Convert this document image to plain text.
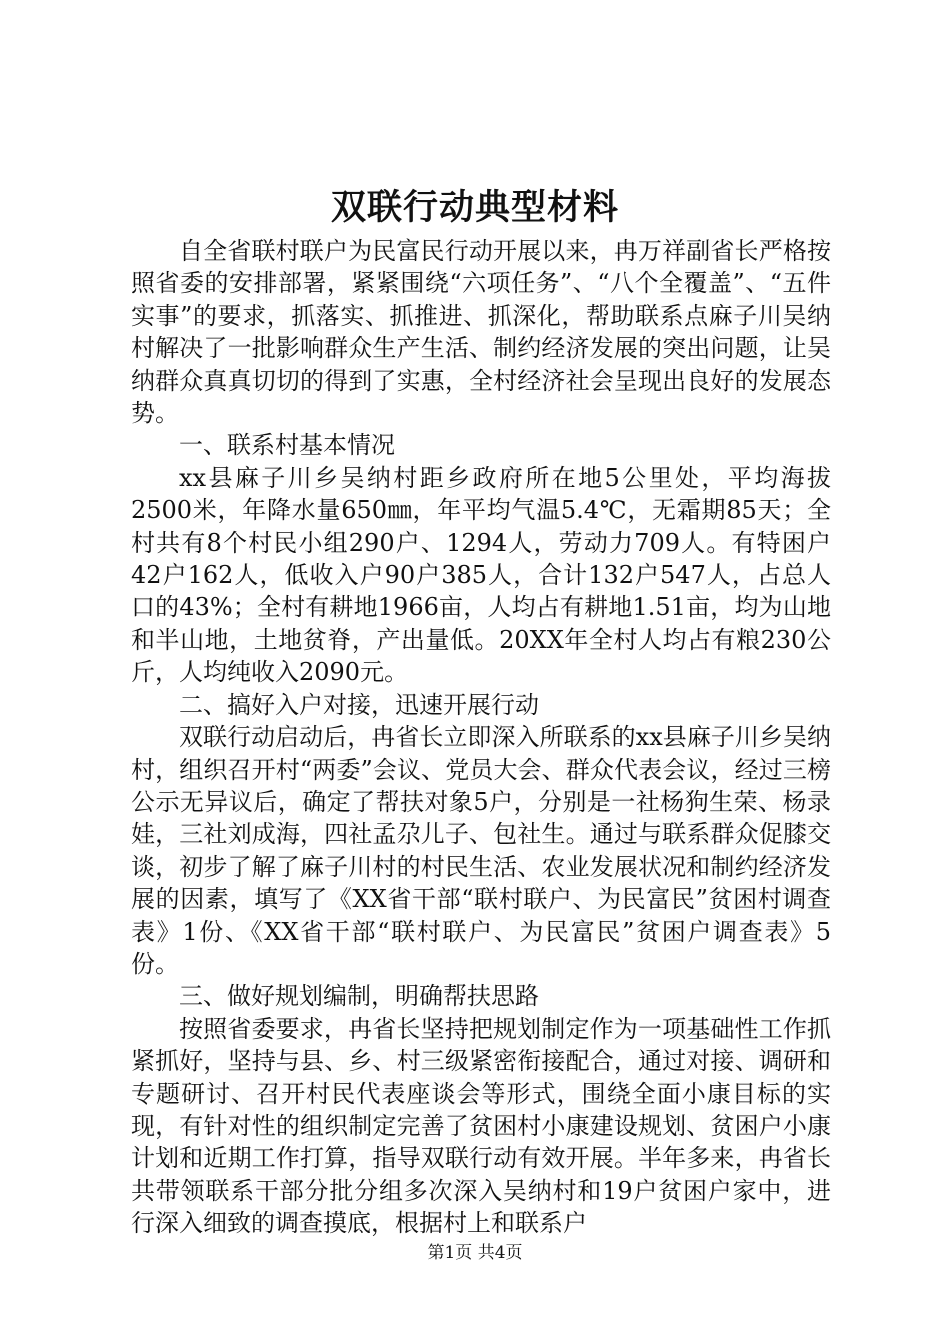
双联行动典型材料

自全省联村联户为民富民行动开展以来，冉万祥副省长严格按照省委的安排部署，紧紧围绕“六项任务”、“八个全覆盖”、“五件实事”的要求，抓落实、抓推进、抓深化，帮助联系点麻子川吴纳村解决了一批影响群众生产生活、制约经济发展的突出问题，让吴纳群众真真切切的得到了实惠，全村经济社会呈现出良好的发展态势。

一、联系村基本情况

xx县麻子川乡吴纳村距乡政府所在地5公里处，平均海拔2500米，年降水量650㎜，年平均气温5.4℃，无霜期85天；全村共有8个村民小组290户、1294人，劳动力709人。有特困户42户162人，低收入户90户385人，合计132户547人，占总人口的43%；全村有耕地1966亩，人均占有耕地1.51亩，均为山地和半山地，土地贫脊，产出量低。20XX年全村人均占有粮230公斤，人均纯收入2090元。

二、搞好入户对接，迅速开展行动

双联行动启动后，冉省长立即深入所联系的xx县麻子川乡吴纳村，组织召开村“两委”会议、党员大会、群众代表会议，经过三榜公示无异议后，确定了帮扶对象5户，分别是一社杨狗生荣、杨录娃，三社刘成海，四社孟尕儿子、包社生。通过与联系群众促膝交谈，初步了解了麻子川村的村民生活、农业发展状况和制约经济发展的因素，填写了《XX省干部“联村联户、为民富民”贫困村调查表》1份、《XX省干部“联村联户、为民富民”贫困户调查表》5份。

三、做好规划编制，明确帮扶思路

按照省委要求，冉省长坚持把规划制定作为一项基础性工作抓紧抓好，坚持与县、乡、村三级紧密衔接配合，通过对接、调研和专题研讨、召开村民代表座谈会等形式，围绕全面小康目标的实现，有针对性的组织制定完善了贫困村小康建设规划、贫困户小康计划和近期工作打算，指导双联行动有效开展。半年多来，冉省长共带领联系干部分批分组多次深入吴纳村和19户贫困户家中，进行深入细致的调查摸底，根据村上和联系户

第1页 共4页
